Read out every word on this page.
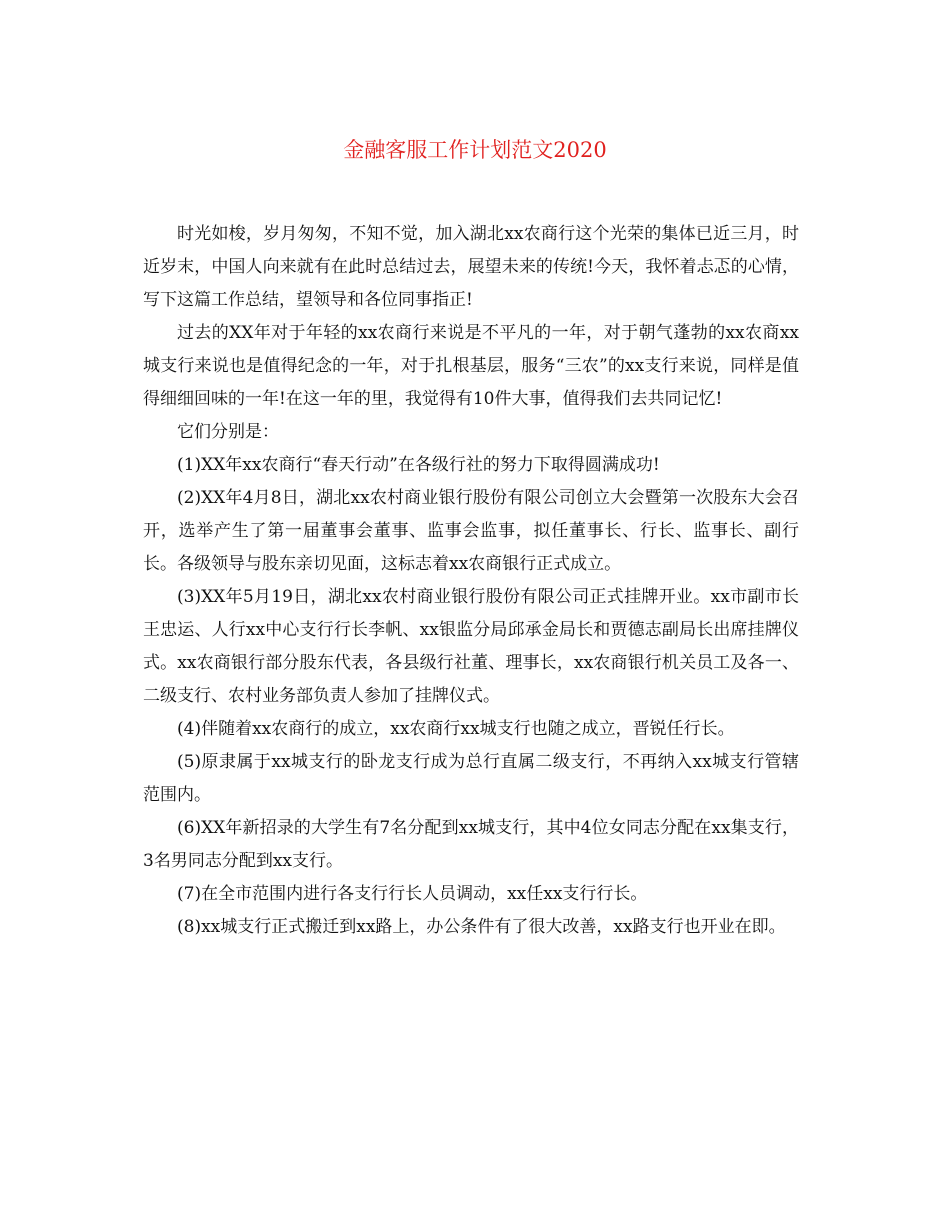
金融客服工作计划范文2020

时光如梭，岁月匆匆，不知不觉，加入湖北xx农商行这个光荣的集体已近三月，时近岁末，中国人向来就有在此时总结过去，展望未来的传统!今天，我怀着忐忑的心情，写下这篇工作总结，望领导和各位同事指正!

过去的XX年对于年轻的xx农商行来说是不平凡的一年，对于朝气蓬勃的xx农商xx城支行来说也是值得纪念的一年，对于扎根基层，服务“三农”的xx支行来说，同样是值得细细回味的一年!在这一年的里，我觉得有10件大事，值得我们去共同记忆!

它们分别是：

(1)XX年xx农商行“春天行动”在各级行社的努力下取得圆满成功!

(2)XX年4月8日，湖北xx农村商业银行股份有限公司创立大会暨第一次股东大会召开，选举产生了第一届董事会董事、监事会监事，拟任董事长、行长、监事长、副行长。各级领导与股东亲切见面，这标志着xx农商银行正式成立。

(3)XX年5月19日，湖北xx农村商业银行股份有限公司正式挂牌开业。xx市副市长王忠运、人行xx中心支行行长李帆、xx银监分局邱承金局长和贾德志副局长出席挂牌仪式。xx农商银行部分股东代表，各县级行社董、理事长，xx农商银行机关员工及各一、二级支行、农村业务部负责人参加了挂牌仪式。

(4)伴随着xx农商行的成立，xx农商行xx城支行也随之成立，晋锐任行长。

(5)原隶属于xx城支行的卧龙支行成为总行直属二级支行，不再纳入xx城支行管辖范围内。

(6)XX年新招录的大学生有7名分配到xx城支行，其中4位女同志分配在xx集支行，3名男同志分配到xx支行。

(7)在全市范围内进行各支行行长人员调动，xx任xx支行行长。

(8)xx城支行正式搬迁到xx路上，办公条件有了很大改善，xx路支行也开业在即。
